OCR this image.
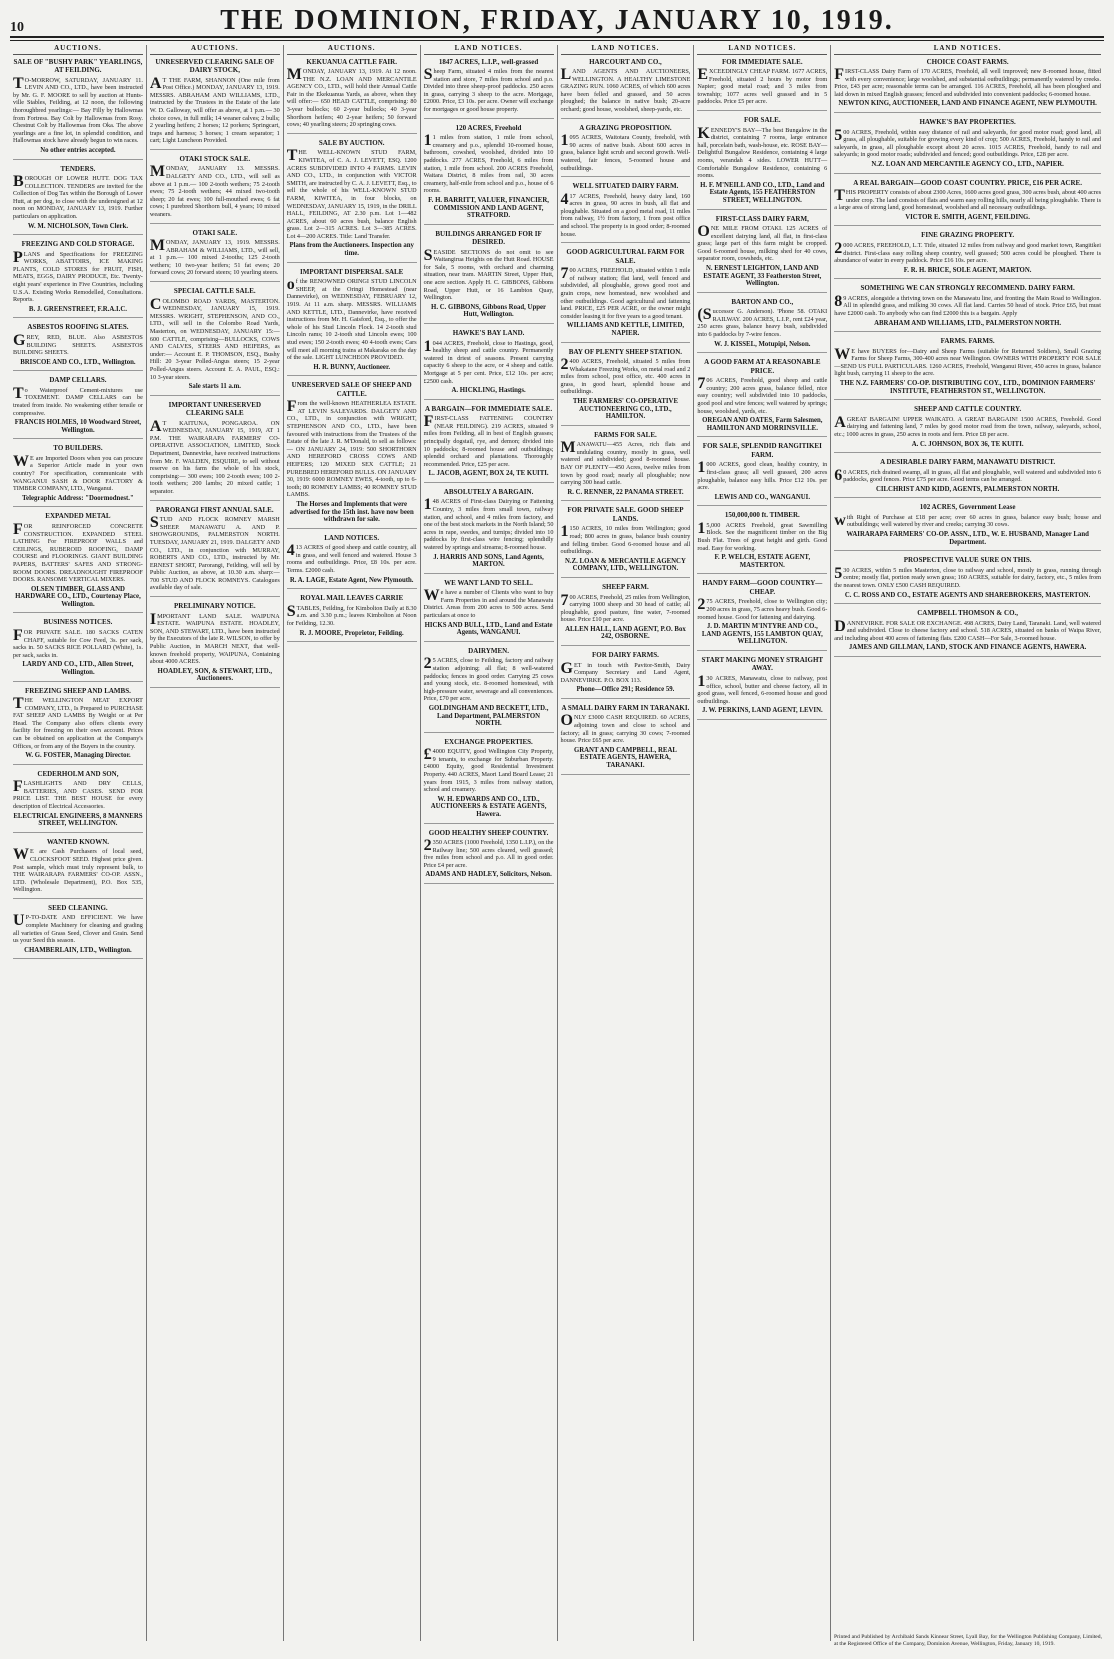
10	THE DOMINION, FRIDAY, JANUARY 10, 1919.
AUCTIONS.
SALE OF "BUSHY PARK" YEARLINGS, AT FEILDING.

TO-MORROW, SATURDAY, JANUARY 11. LEVIN AND CO., LTD., have been instructed by Mr. G. F. MOORE to sell by auction at Hunts-ville Stables, Feilding, at 12 noon, the following thoroughbred yearlings:— Bay Filly by Hallowmas from Fortress. Bay Colt by Hallowmas from Rosy. Chestnut Colt by Hallowmas from Oka. The above yearlings are a fine lot, in splendid condition, and Hallowmas stock have already begun to win races.

No other entries accepted.
TENDERS.

BOROUGH OF LOWER HUTT. DOG TAX COLLECTION. TENDERS are invited for the Collection of Dog Tax within the Borough of Lower Hutt, at per dog, to close with the undersigned at 12 noon on MONDAY, JANUARY 13, 1919. Further particulars on application.

W. M. NICHOLSON, Town Clerk.
FREEZING AND COLD STORAGE.

PLANS and Specifications for FREEZING WORKS, ABATTOIRS, ICE MAKING PLANTS, COLD STORES for FRUIT, FISH, MEATS, EGGS, DAIRY PRODUCE, Etc. Twenty-eight years' experience in Five Countries, including U.S.A. Existing Works Remodelled, Consultations. Reports.

B. J. GREENSTREET, F.R.A.I.C.
ASBESTOS ROOFING SLATES.

GREY, RED, BLUE. Also ASBESTOS BUILDING SHEETS. ASBESTOS BUILDING SHEETS.

BRISCOE AND CO., LTD., Wellington.
DAMP CELLARS.

To Waterproof Cement-mixtures use TOXEMENT. DAMP CELLARS can be treated from inside. No weakening either tensile or compressive.

FRANCIS HOLMES, 10 Woodward Street, Wellington.
TO BUILDERS.

WE are Imported Doors when you can procure a Superior Article made in your own country? For specification, communicate with WANGANUI SASH & DOOR FACTORY & TIMBER COMPANY, LTD., Wanganui.

Telegraphic Address: "Doormodnest."
EXPANDED METAL

FOR REINFORCED CONCRETE CONSTRUCTION. EXPANDED STEEL LATHING For FIREPROOF WALLS and CEILINGS, RUBEROID ROOFING, DAMP COURSE and FLOORINGS. GIANT BUILDING PAPERS, BATTERS' SAFES AND STRONG-ROOM DOORS. DREADNOUGHT FIREPROOF DOORS. RANSOME VERTICAL MIXERS.

OLSEN TIMBER, GLASS AND HARDWARE CO., LTD., Courtenay Place, Wellington.
BUSINESS NOTICES.

FOR PRIVATE SALE. 180 SACKS CATEN CHAFF, suitable for Cow Feed, 3s. per sack, sacks in. 50 SACKS RICE POLLARD (White), 1s. per sack, sacks in.

LARDY AND CO., LTD., Allen Street, Wellington.
FREEZING SHEEP AND LAMBS.

THE WELLINGTON MEAT EXPORT COMPANY, LTD., Is Prepared to PURCHASE FAT SHEEP AND LAMBS By Weight or at Per Head. The Company also offers clients every facility for freezing on their own account. Prices can be obtained on application at the Company's Offices, or from any of the Buyers in the country.

W. G. FOSTER, Managing Director.
CEDERHOLM AND SON,

FLASHLIGHTS AND DRY CELLS, BATTERIES, AND CASES. SEND FOR PRICE LIST. THE BEST HOUSE for every description of Electrical Accessories.

ELECTRICAL ENGINEERS, 8 MANNERS STREET, WELLINGTON.
WANTED KNOWN.

WE are Cash Purchasers of local seed, CLOCKSFOOT SEED. Highest price given. Post sample, which must truly represent bulk, to THE WAIRARAPA FARMERS' CO-OP. ASSN., LTD. (Wholesale Department), P.O. Box 535, Wellington.

SEED CLEANING.

UP-TO-DATE AND EFFICIENT. We have complete Machinery for cleaning and grading all varieties of Grass Seed, Clover and Grain. Send us your Seed this season.

CHAMBERLAIN, LTD., Wellington.
AUCTIONS.
UNRESERVED CLEARING SALE OF DAIRY STOCK,

AT THE FARM, SHANNON (One mile from Post Office.) MONDAY, JANUARY 13, 1919. MESSRS. ABRAHAM AND WILLIAMS, LTD., instructed by the Trustees in the Estate of the late W. D. Galloway, will offer as above, at 1 p.m.— 30 choice cows, in full milk; 14 weaner calves; 2 bulls; 2 yearling heifers; 2 horses; 12 porkers; Springcart, traps and harness; 3 horses; 1 cream separator; 1 cart; Light Luncheon Provided.

OTAKI STOCK SALE.

MONDAY, JANUARY 13. MESSRS. DALGETY AND CO., LTD., will sell as above at 1 p.m.— 100 2-tooth wethers; 75 2-tooth ewes; 75 2-tooth wethers; 44 mixed two-tooth sheep; 20 fat ewes; 100 full-mouthed ewes; 6 fat cows; 1 purebred Shorthorn bull, 4 years; 10 mixed weaners.

OTAKI SALE.

MONDAY, JANUARY 13, 1919. MESSRS. ABRAHAM & WILLIAMS, LTD., will sell, at 1 p.m.— 100 mixed 2-tooths; 125 2-tooth wethers; 10 two-year heifers; 51 fat ewes; 20 forward cows; 20 forward steers; 10 yearling steers.

SPECIAL CATTLE SALE.

COLOMBO ROAD YARDS, MASTERTON. WEDNESDAY, JANUARY 15, 1919. MESSRS. WRIGHT, STEPHENSON, AND CO., LTD., will sell in the Colombo Road Yards, Masterton, on WEDNESDAY, JANUARY 15:— 600 CATTLE, comprising—BULLOCKS, COWS AND CALVES, STEERS AND HEIFERS, as under:— Account E. P. THOMSON, ESQ., Bushy Hill: 20 3-year Polled-Angus steers; 15 2-year Polled-Angus steers. Account E. A. PAUL, ESQ.: 10 3-year steers.

Sale starts 11 a.m.
IMPORTANT UNRESERVED CLEARING SALE

AT KAITUNA, PONGAROA. ON WEDNESDAY, JANUARY 15, 1919, AT 1 P.M. THE WAIRARAPA FARMERS' CO-OPERATIVE ASSOCIATION, LIMITED, Stock Department, Dannevirke, have received instructions from Mr. F. WALDEN, ESQUIRE, to sell without reserve on his farm the whole of his stock, comprising:— 300 ewes; 100 2-tooth ewes; 100 2-tooth wethers; 200 lambs; 20 mixed cattle; 1 separator.

PARORANGI FIRST ANNUAL SALE.

STUD AND FLOCK ROMNEY MARSH SHEEP. MANAWATU A. AND P. SHOWGROUNDS, PALMERSTON NORTH. TUESDAY, JANUARY 21, 1919. DALGETY AND CO., LTD., in conjunction with MURRAY, ROBERTS AND CO., LTD., instructed by Mr. ERNEST SHORT, Parorangi, Feilding, will sell by Public Auction, as above, at 10.30 a.m. sharp:— 700 STUD AND FLOCK ROMNEYS. Catalogues available day of sale.

PRELIMINARY NOTICE.

IMPORTANT LAND SALE. WAIPUNA ESTATE. WAIPUNA ESTATE. HOADLEY, SON, AND STEWART, LTD., have been instructed by the Executors of the late R. WILSON, to offer by Public Auction, in MARCH NEXT, that well-known freehold property, WAIPUNA, Containing about 4000 ACRES.

HOADLEY, SON, & STEWART, LTD., Auctioneers.
AUCTIONS.
KEKUANUA CATTLE FAIR.

MONDAY, JANUARY 13, 1919. At 12 noon. THE N.Z. LOAN AND MERCANTILE AGENCY CO., LTD., will hold their Annual Cattle Fair in the Ekekuanua Yards, as above, when they will offer:— 650 HEAD CATTLE, comprising: 80 3-year bullocks; 60 2-year bullocks; 40 3-year Shorthorn heifers; 40 2-year heifers; 50 forward cows; 40 yearling steers; 20 springing cows.

SALE BY AUCTION.

THE WELL-KNOWN STUD FARM, KIWITEA, of C. A. J. LEVETT, ESQ. 1200 ACRES SUBDIVIDED INTO 4 FARMS. LEVIN AND CO., LTD., in conjunction with VICTOR SMITH, are instructed by C. A. J. LEVETT, Esq., to sell the whole of his WELL-KNOWN STUD FARM, KIWITEA, in four blocks, on WEDNESDAY, JANUARY 15, 1919, in the DRILL HALL, FEILDING, AT 2.30 p.m. Lot 1—482 ACRES, about 60 acres bush, balance English grass. Lot 2—315 ACRES. Lot 3—385 ACRES. Lot 4—200 ACRES. Title: Land Transfer.

Plans from the Auctioneers. Inspection any time.
IMPORTANT DISPERSAL SALE

of the RENOWNED ORINGI STUD LINCOLN SHEEP, at the Oringi Homestead (near Dannevirke), on WEDNESDAY, FEBRUARY 12, 1919. At 11 a.m. sharp. MESSRS. WILLIAMS AND KETTLE, LTD., Dannevirke, have received instructions from Mr. H. Gaisford, Esq., to offer the whole of his Stud Lincoln Flock. 14 2-tooth stud Lincoln rams; 10 2-tooth stud Lincoln ewes; 100 stud ewes; 150 2-tooth ewes; 40 4-tooth ewes; Cars will meet all morning trains at Makaraka on the day of the sale. LIGHT LUNCHEON PROVIDED.

H. R. BUNNY, Auctioneer.
UNRESERVED SALE OF SHEEP AND CATTLE.

From the well-known HEATHERLEA ESTATE. AT LEVIN SALEYARDS. DALGETY AND CO., LTD., in conjunction with WRIGHT, STEPHENSON AND CO., LTD., have been favoured with instructions from the Trustees of the Estate of the late J. R. M'Donald, to sell as follows:— ON JANUARY 24, 1919: 500 SHORTHORN AND HEREFORD CROSS COWS AND HEIFERS; 120 MIXED SEX CATTLE; 21 PUREBRED HEREFORD BULLS. ON JANUARY 30, 1919: 6000 ROMNEY EWES, 4-tooth, up to 6-tooth; 80 ROMNEY LAMBS; 40 ROMNEY STUD LAMBS.

The Horses and Implements that were advertised for the 15th inst. have now been withdrawn for sale.
LAND NOTICES.

413 ACRES of good sheep and cattle country, all in grass, and well fenced and watered. House 3 rooms and outbuildings. Price, £8 10s. per acre. Terms. £2000 cash.

R. A. LAGE, Estate Agent, New Plymouth.
ROYAL MAIL LEAVES CARRIE

STABLES, Feilding, for Kimbolton Daily at 8.30 a.m. and 3.30 p.m.; leaves Kimbolton at Noon for Feilding, 12.30.

R. J. MOORE, Proprietor, Feilding.
LAND NOTICES.
1847 ACRES, L.I.P., well-grassed

Sheep Farm, situated 4 miles from the nearest station and store, 7 miles from school and p.o. Divided into three sheep-proof paddocks. 250 acres in grass, carrying 3 sheep to the acre. Mortgage, £2000. Price, £3 10s. per acre. Owner will exchange for mortgages or good house property.

120 ACRES, Freehold

11 miles from station, 1 mile from school, creamery and p.o., splendid 10-roomed house, bathroom, cowshed, woolshed, divided into 10 paddocks. 277 ACRES, Freehold, 6 miles from station, 1 mile from school. 200 ACRES Freehold, Waitara District, 8 miles from rail, 30 acres creamery, half-mile from school and p.o., house of 6 rooms.

F. H. BARRITT, VALUER, FINANCIER, COMMISSION AND LAND AGENT, STRATFORD.
BUILDINGS ARRANGED FOR IF DESIRED.

SEASIDE SECTIONS do not omit to see Waitangirua Heights on the Hutt Road. HOUSE for Sale, 5 rooms, with orchard and charming situation, near tram. MARTIN Street, Upper Hutt, one acre section. Apply H. C. GIBBONS, Gibbons Road, Upper Hutt, or 16 Lambton Quay, Wellington.

H. C. GIBBONS, Gibbons Road, Upper Hutt, Wellington.
HAWKE'S BAY LAND.

1044 ACRES, Freehold, close to Hastings, good, healthy sheep and cattle country. Permanently watered in driest of seasons. Present carrying capacity 6 sheep to the acre, or 4 sheep and cattle. Mortgage at 5 per cent. Price, £12 10s. per acre; £2500 cash.

A. HICKLING, Hastings.
A BARGAIN—FOR IMMEDIATE SALE.

FIRST-CLASS FATTENING COUNTRY (NEAR FEILDING). 219 ACRES, situated 9 miles from Feilding, all in best of English grasses; principally dogstail, rye, and demon; divided into 10 paddocks; 8-roomed house and outbuildings; splendid orchard and plantations. Thoroughly recommended. Price, £25 per acre.

L. JACOB, AGENT, BOX 24, TE KUITI.
ABSOLUTELY A BARGAIN.

148 ACRES of First-class Dairying or Fattening Country, 3 miles from small town, railway station, and school, and 4 miles from factory, and one of the best stock markets in the North Island; 50 acres in rape, swedes, and turnips; divided into 10 paddocks by first-class wire fencing; splendidly watered by springs and streams; 8-roomed house.

J. HARRIS AND SONS, Land Agents, MARTON.
WE WANT LAND TO SELL.

We have a number of Clients who want to buy Farm Properties in and around the Manawatu District. Areas from 200 acres to 500 acres. Send particulars at once to

HICKS AND BULL, LTD., Land and Estate Agents, WANGANUI.
DAIRYMEN.

25 ACRES, close to Feilding, factory and railway station adjoining; all flat; 8 well-watered paddocks; fences in good order. Carrying 25 cows and young stock, etc. 8-roomed homestead, with high-pressure water, sewerage and all conveniences. Price, £70 per acre.

GOLDINGHAM AND BECKETT, LTD., Land Department, PALMERSTON NORTH.
EXCHANGE PROPERTIES.

£4000 EQUITY, good Wellington City Property, 9 tenants, to exchange for Suburban Property. £4000 Equity, good Residential Investment Property. 440 ACRES, Maori Land Board Lease; 21 years from 1915, 3 miles from railway station, school and creamery.

W. H. EDWARDS AND CO., LTD., AUCTIONEERS & ESTATE AGENTS, Hawera.
GOOD HEALTHY SHEEP COUNTRY.

2350 ACRES (1000 Freehold, 1350 L.I.P.), on the Railway line; 500 acres cleared, well grassed; five miles from school and p.o. All in good order. Price £4 per acre.

ADAMS AND HADLEY, Solicitors, Nelson.
LAND NOTICES.
HARCOURT AND CO.,

LAND AGENTS AND AUCTIONEERS, WELLINGTON. A HEALTHY LIMESTONE GRAZING RUN. 1060 ACRES, of which 600 acres have been felled and grassed, and 50 acres ploughed; the balance in native bush; 20-acre orchard; good house, woolshed, sheep-yards, etc.

A GRAZING PROPOSITION.

1095 ACRES, Waitotara County, freehold, with 90 acres of native bush. About 600 acres in grass, balance light scrub and second growth. Well-watered, fair fences, 5-roomed house and outbuildings.

WELL SITUATED DAIRY FARM.

417 ACRES, Freehold, heavy dairy land, 160 acres in grass, 90 acres in bush, all flat and ploughable. Situated on a good metal road, 11 miles from railway, 1½ from factory, 1 from post office and school. The property is in good order; 8-roomed house.

GOOD AGRICULTURAL FARM FOR SALE.

700 ACRES, FREEHOLD, situated within 1 mile of railway station; flat land, well fenced and subdivided, all ploughable, grows good root and grain crops, new homestead, new woolshed and other outbuildings. Good agricultural and fattening land. PRICE, £25 PER ACRE, or the owner might consider leasing it for five years to a good tenant.

WILLIAMS AND KETTLE, LIMITED, NAPIER.
BAY OF PLENTY SHEEP STATION.

2400 ACRES, Freehold, situated 5 miles from Whakatane Freezing Works, on metal road and 2 miles from school, post office, etc. 400 acres in grass, in good heart, splendid house and outbuildings.

THE FARMERS' CO-OPERATIVE AUCTIONEERING CO., LTD., HAMILTON.
FARMS FOR SALE.

MANAWATU—455 Acres, rich flats and undulating country, mostly in grass, well watered and subdivided; good 8-roomed house. BAY OF PLENTY—450 Acres, twelve miles from town by good road; nearly all ploughable; now carrying 300 head cattle.

R. C. RENNER, 22 PANAMA STREET.
FOR PRIVATE SALE. GOOD SHEEP LANDS.

1150 ACRES, 10 miles from Wellington; good road; 800 acres in grass, balance bush country and felling timber. Good 6-roomed house and all outbuildings.

N.Z. LOAN & MERCANTILE AGENCY COMPANY, LTD., WELLINGTON.
SHEEP FARM.

700 ACRES, Freehold, 25 miles from Wellington, carrying 1000 sheep and 30 head of cattle; all ploughable, good pasture, fine water, 7-roomed house. Price £10 per acre.

ALLEN HALL, LAND AGENT, P.O. Box 242, OSBORNE.
FOR DAIRY FARMS.

GET in touch with Pavitor-Smith, Dairy Company Secretary and Land Agent, DANNEVIRKE. P.O. BOX 113.

Phone—Office 291; Residence 59.
A SMALL DAIRY FARM IN TARANAKI.

ONLY £3000 CASH REQUIRED. 60 ACRES, adjoining town and close to school and factory; all in grass; carrying 30 cows; 7-roomed house. Price £65 per acre.

GRANT AND CAMPBELL, REAL ESTATE AGENTS, HAWERA, TARANAKI.
LAND NOTICES.
FOR IMMEDIATE SALE.

EXCEEDINGLY CHEAP FARM. 1677 ACRES, Freehold, situated 2 hours by motor from Napier; good metal road; and 3 miles from township; 1077 acres well grassed and in 5 paddocks. Price £5 per acre.

FOR SALE.

KENNEDY'S BAY—The best Bungalow in the district, containing 7 rooms, large entrance hall, porcelain bath, wash-house, etc. ROSE BAY—Delightful Bungalow Residence, containing 4 large rooms, verandah 4 sides. LOWER HUTT—Comfortable Bungalow Residence, containing 6 rooms.

H. F. M'NEILL AND CO., LTD., Land and Estate Agents, 155 FEATHERSTON STREET, WELLINGTON.
FIRST-CLASS DAIRY FARM,

ONE MILE FROM OTAKI. 125 ACRES of excellent dairying land, all flat, in first-class grass; large part of this farm might be cropped. Good 6-roomed house, milking shed for 40 cows, separator room, cowsheds, etc.

N. ERNEST LEIGHTON, LAND AND ESTATE AGENT, 33 Featherston Street, Wellington.
BARTON AND CO.,

(Successor G. Anderson). 'Phone 58. OTAKI RAILWAY. 200 ACRES, L.I.P., rent £24 year, 250 acres grass, balance heavy bush, subdivided into 6 paddocks by 7-wire fences.

W. J. KISSEL, Motupipi, Nelson.
A GOOD FARM AT A REASONABLE PRICE.

706 ACRES, Freehold, good sheep and cattle country; 200 acres grass, balance felled, nice easy country; well subdivided into 10 paddocks, good pool and wire fences; well watered by springs; house, woolshed, yards, etc.

OREGAN AND OATES, Farm Salesmen, HAMILTON AND MORRINSVILLE.
FOR SALE, SPLENDID RANGITIKEI FARM.

1000 ACRES, good clean, healthy country, in first-class grass; all well grassed, 200 acres ploughable, balance easy hills. Price £12 10s. per acre.

LEWIS AND CO., WANGANUI.
150,000,000 ft. TIMBER.

15,000 ACRES Freehold, great Sawmilling Block. See the magnificent timber on the Big Bush Flat. Trees of great height and girth. Good road. Easy for working.

F. P. WELCH, ESTATE AGENT, MASTERTON.
HANDY FARM—GOOD COUNTRY—CHEAP.

275 ACRES, Freehold, close to Wellington city; 200 acres in grass, 75 acres heavy bush. Good 6-roomed house. Good for fattening and dairying.

J. D. MARTIN M'INTYRE AND CO., LAND AGENTS, 155 LAMBTON QUAY, WELLINGTON.
START MAKING MONEY STRAIGHT AWAY.

130 ACRES, Manawatu, close to railway, post office, school, butter and cheese factory, all in good grass, well fenced, 6-roomed house and good outbuildings.

J. W. PERKINS, LAND AGENT, LEVIN.
LAND NOTICES.
CHOICE COAST FARMS.

FIRST-CLASS Dairy Farm of 170 ACRES, Freehold, all well improved; new 8-roomed house, fitted with every convenience; large woolshed, and substantial outbuildings; permanently watered by creeks. Price, £43 per acre; reasonable terms can be arranged. 116 ACRES, Freehold, all has been ploughed and laid down in mixed English grasses; fenced and subdivided into convenient paddocks; 6-roomed house.

NEWTON KING, AUCTIONEER, LAND AND FINANCE AGENT, NEW PLYMOUTH.
HAWKE'S BAY PROPERTIES.

500 ACRES, Freehold, within easy distance of rail and saleyards, for good motor road; good land, all grass, all ploughable, suitable for growing every kind of crop; 500 ACRES, Freehold, handy to rail and saleyards, in grass, all ploughable except about 20 acres. 1015 ACRES, Freehold, handy to rail and saleyards; in good motor roads; subdivided and fenced; good outbuildings. Price, £28 per acre.

N.Z. LOAN AND MERCANTILE AGENCY CO., LTD., NAPIER.
A REAL BARGAIN—GOOD COAST COUNTRY. PRICE, £16 PER ACRE.

THIS PROPERTY consists of about 2300 Acres, 1600 acres good grass, 300 acres bush, about 400 acres under crop. The land consists of flats and warm easy rolling hills, nearly all being ploughable. There is a large area of strong land, good homestead, woolshed and all necessary outbuildings.

VICTOR E. SMITH, AGENT, FEILDING.
FINE GRAZING PROPERTY.

2000 ACRES, FREEHOLD, L.T. Title, situated 12 miles from railway and good market town, Rangitikei district. First-class easy rolling sheep country, well grassed; 500 acres could be ploughed. There is abundance of water in every paddock. Price £16 10s. per acre.

F. R. H. BRICE, SOLE AGENT, MARTON.
SOMETHING WE CAN STRONGLY RECOMMEND. DAIRY FARM.

89 ACRES, alongside a thriving town on the Manawatu line, and fronting the Main Road to Wellington. All in splendid grass, and milking 30 cows. All flat land. Carries 50 head of stock. Price £65, but must have £2000 cash. To anybody who can find £2000 this is a bargain. Apply

ABRAHAM AND WILLIAMS, LTD., PALMERSTON NORTH.
FARMS. FARMS.

WE have BUYERS for—Dairy and Sheep Farms (suitable for Returned Soldiers), Small Grazing Farms for Sheep Farms, 300-400 acres near Wellington. OWNERS WITH PROPERTY FOR SALE—SEND US FULL PARTICULARS. 1260 ACRES, Freehold, Wanganui River, 450 acres in grass, balance light bush, carrying 11 sheep to the acre.

THE N.Z. FARMERS' CO-OP. DISTRIBUTING COY., LTD., DOMINION FARMERS' INSTITUTE, FEATHERSTON ST., WELLINGTON.
SHEEP AND CATTLE COUNTRY.

AGREAT BARGAIN! UPPER WAIKATO. A GREAT BARGAIN! 1500 ACRES, Freehold. Good dairying and fattening land, 7 miles by good motor road from the town, railway, saleyards, school, etc.; 1000 acres in grass, 250 acres in roots and fern. Price £8 per acre.

A. C. JOHNSON, BOX 36, TE KUITI.
A DESIRABLE DAIRY FARM, MANAWATU DISTRICT.

60 ACRES, rich drained swamp, all in grass, all flat and ploughable, well watered and subdivided into 6 paddocks, good fences. Price £75 per acre. Good terms can be arranged.

CILCHRIST AND KIDD, AGENTS, PALMERSTON NORTH.
102 ACRES, Government Lease

with Right of Purchase at £18 per acre; over 60 acres in grass, balance easy bush; house and outbuildings; well watered by river and creeks; carrying 30 cows.

WAIRARAPA FARMERS' CO-OP. ASSN., LTD., W. E. HUSBAND, Manager Land Department.
PROSPECTIVE VALUE SURE ON THIS.

530 ACRES, within 5 miles Masterton, close to railway and school, mostly in grass, running through centre; mostly flat, portion ready sown grass; 160 ACRES, suitable for dairy, factory, etc., 5 miles from the nearest town. ONLY £500 CASH REQUIRED.

C. C. ROSS AND CO., ESTATE AGENTS AND SHAREBROKERS, MASTERTON.
CAMPBELL THOMSON & CO.,

DANNEVIRKE. FOR SALE OR EXCHANGE. 498 ACRES, Dairy Land, Taranaki. Land, well watered and subdivided. Close to cheese factory and school. 518 ACRES, situated on banks of Waipa River, and including about 400 acres of fattening flats. £200 CASH—For Sale, 3-roomed house.

JAMES AND GILLMAN, LAND, STOCK AND FINANCE AGENTS, HAWERA.
Printed and Published by Archibald Sands Kinnear Street, Lyall Bay, for the Wellington Publishing Company, Limited, at the Registered Office of the Company, Dominion Avenue, Wellington, Friday, January 10, 1919.
